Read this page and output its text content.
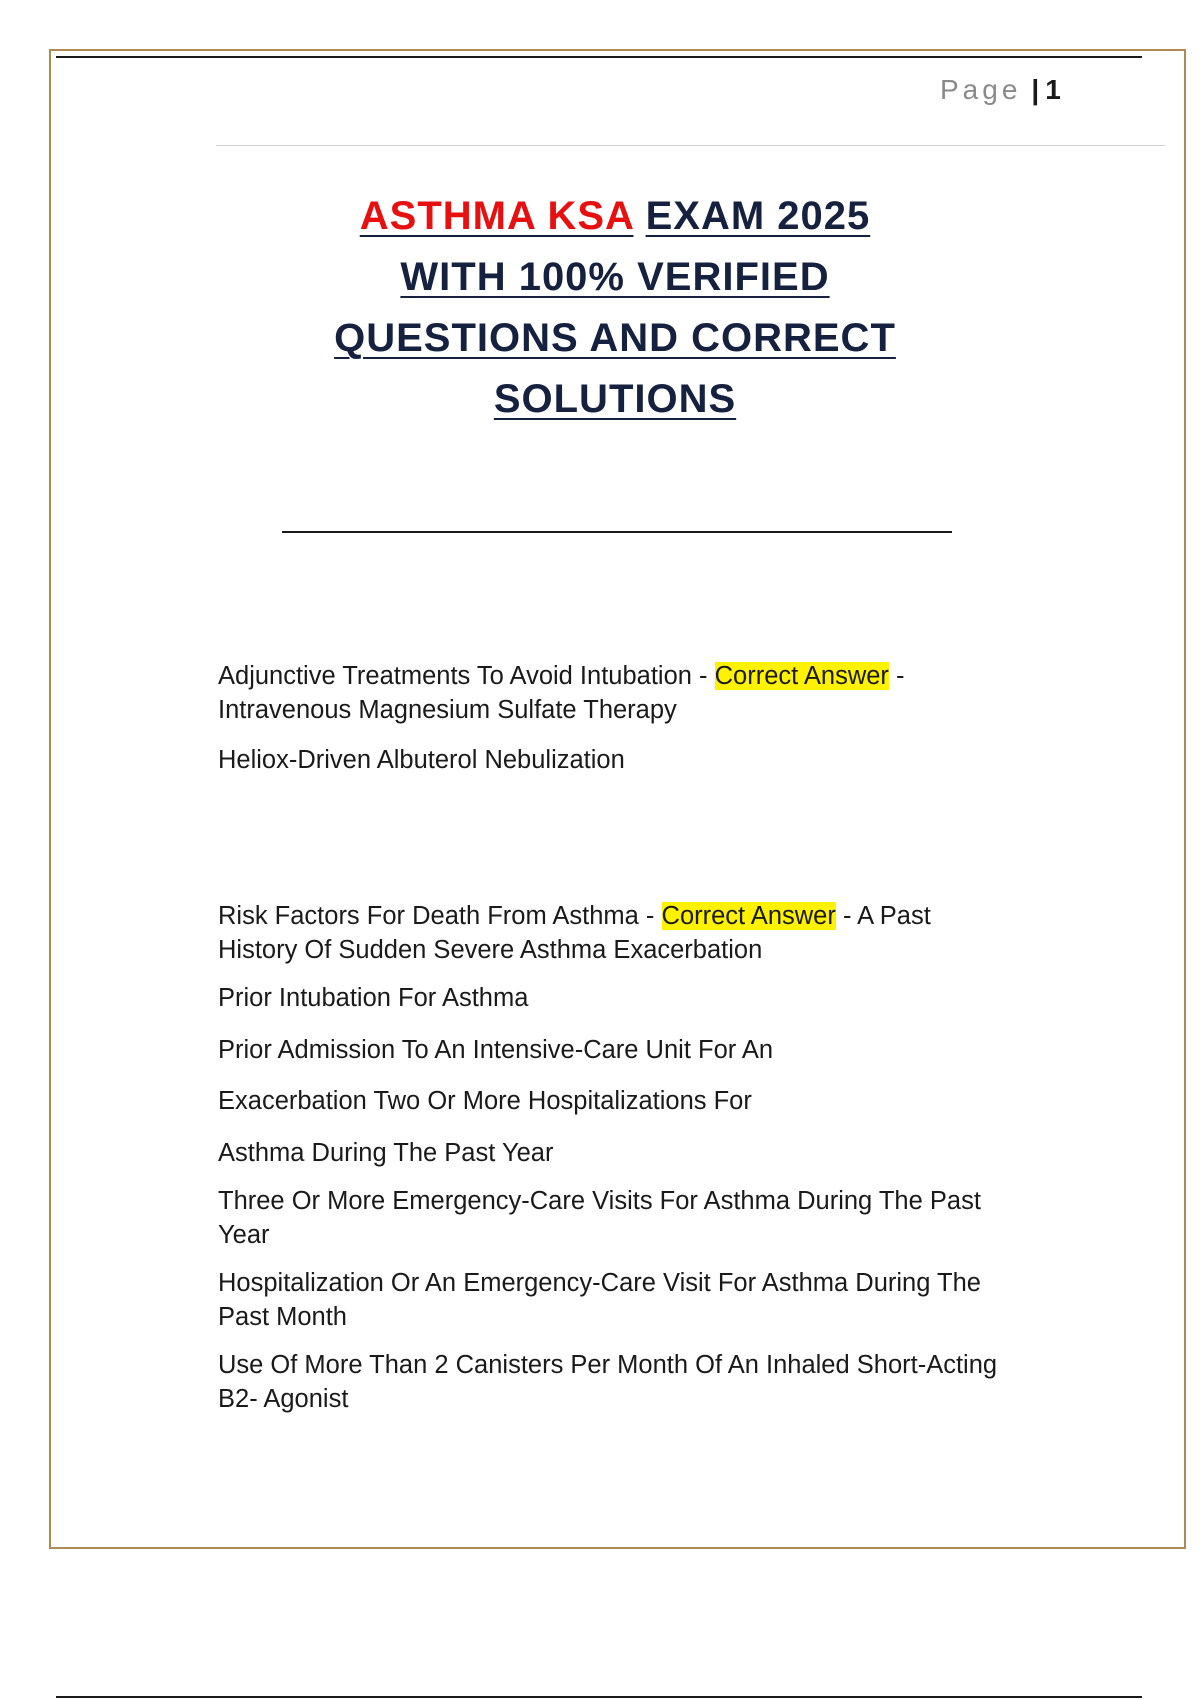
Page | 1
ASTHMA KSA EXAM 2025
WITH 100% VERIFIED
QUESTIONS AND CORRECT
SOLUTIONS

Adjunctive Treatments To Avoid Intubation - Correct Answer - Intravenous Magnesium Sulfate Therapy

Heliox-Driven Albuterol Nebulization

Risk Factors For Death From Asthma - Correct Answer - A Past History Of Sudden Severe Asthma Exacerbation

Prior Intubation For Asthma

Prior Admission To An Intensive-Care Unit For An

Exacerbation Two Or More Hospitalizations For

Asthma During The Past Year

Three Or More Emergency-Care Visits For Asthma During The Past Year

Hospitalization Or An Emergency-Care Visit For Asthma During The Past Month

Use Of More Than 2 Canisters Per Month Of An Inhaled Short-Acting B2- Agonist
